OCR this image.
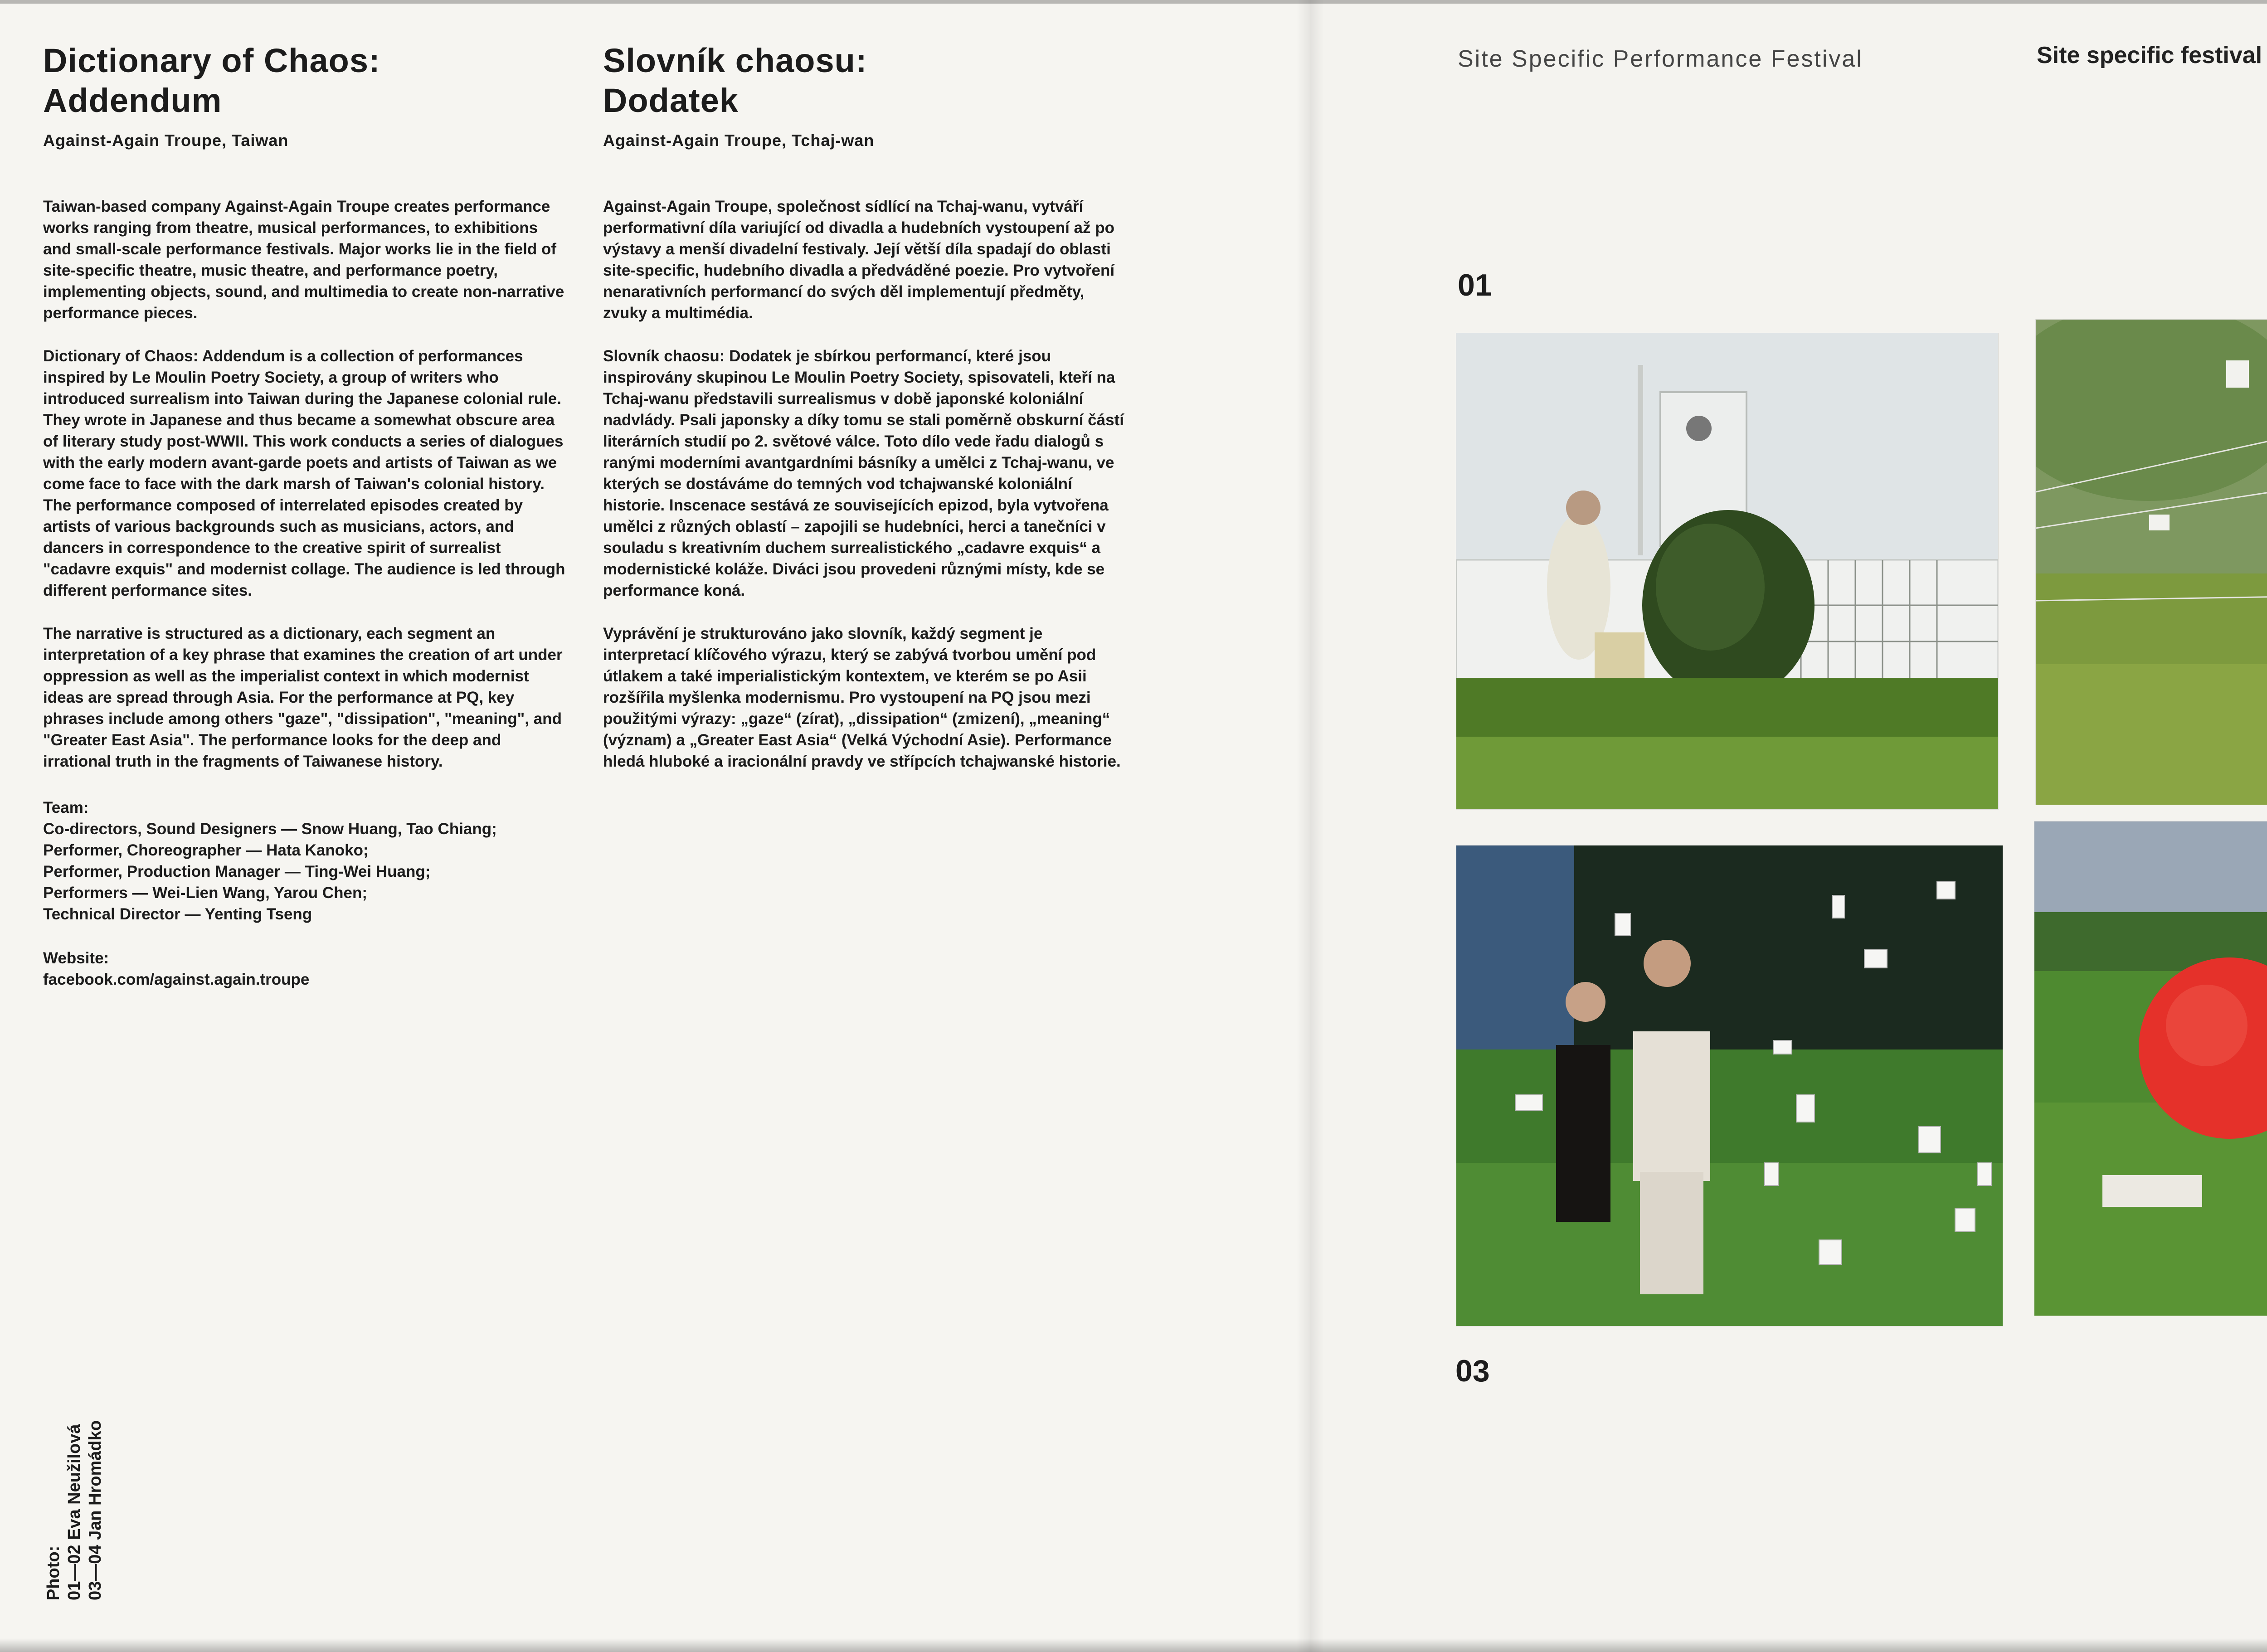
Dictionary of Chaos:
Addendum
Against-Again Troupe, Taiwan

Taiwan-based company Against-Again Troupe creates performance works ranging from theatre, musical performances, to exhibitions and small-scale performance festivals. Major works lie in the field of site-specific theatre, music theatre, and performance poetry, implementing objects, sound, and multimedia to create non-narrative performance pieces.

Dictionary of Chaos: Addendum is a collection of performances inspired by Le Moulin Poetry Society, a group of writers who introduced surrealism into Taiwan during the Japanese colonial rule. They wrote in Japanese and thus became a somewhat obscure area of literary study post-WWII. This work conducts a series of dialogues with the early modern avant-garde poets and artists of Taiwan as we come face to face with the dark marsh of Taiwan's colonial history. The performance composed of interrelated episodes created by artists of various backgrounds such as musicians, actors, and dancers in correspondence to the creative spirit of surrealist "cadavre exquis" and modernist collage. The audience is led through different performance sites.

The narrative is structured as a dictionary, each segment an interpretation of a key phrase that examines the creation of art under oppression as well as the imperialist context in which modernist ideas are spread through Asia. For the performance at PQ, key phrases include among others "gaze", "dissipation", "meaning", and "Greater East Asia". The performance looks for the deep and irrational truth in the fragments of Taiwanese history.

Team:
Co-directors, Sound Designers — Snow Huang, Tao Chiang;
Performer, Choreographer — Hata Kanoko;
Performer, Production Manager — Ting-Wei Huang;
Performers — Wei-Lien Wang, Yarou Chen;
Technical Director — Yenting Tseng
Website:
facebook.com/against.again.troupe
Slovník chaosu:
Dodatek
Against-Again Troupe, Tchaj-wan

Against-Again Troupe, společnost sídlící na Tchaj-wanu, vytváří performativní díla variující od divadla a hudebních vystoupení až po výstavy a menší divadelní festivaly. Její větší díla spadají do oblasti site-specific, hudebního divadla a předváděné poezie. Pro vytvoření nenarativních performancí do svých děl implementují předměty, zvuky a multimédia.

Slovník chaosu: Dodatek je sbírkou performancí, které jsou inspirovány skupinou Le Moulin Poetry Society, spisovateli, kteří na Tchaj-wanu představili surrealismus v době japonské koloniální nadvlády. Psali japonsky a díky tomu se stali poměrně obskurní částí literárních studií po 2. světové válce. Toto dílo vede řadu dialogů s ranými moderními avantgardními básníky a umělci z Tchaj-wanu, ve kterých se dostáváme do temných vod tchajwanské koloniální historie. Inscenace sestává ze souvisejících epizod, byla vytvořena umělci z různých oblastí – zapojili se hudebníci, herci a tanečníci v souladu s kreativním duchem surrealistického „cadavre exquis“ a modernistické koláže. Diváci jsou provedeni různými místy, kde se performance koná.

Vyprávění je strukturováno jako slovník, každý segment je interpretací klíčového výrazu, který se zabývá tvorbou umění pod útlakem a také imperialistickým kontextem, ve kterém se po Asii rozšířila myšlenka modernismu. Pro vystoupení na PQ jsou mezi použitými výrazy: „gaze“ (zírat), „dissipation“ (zmizení), „meaning“ (význam) a „Greater East Asia“ (Velká Východní Asie). Performance hledá hluboké a iracionální pravdy ve střípcích tchajwanské historie.

Photo: 01—02 Eva Neužilová 03—04 Jan Hromádko
Site Specific Performance Festival	Site specific festival
01
03
